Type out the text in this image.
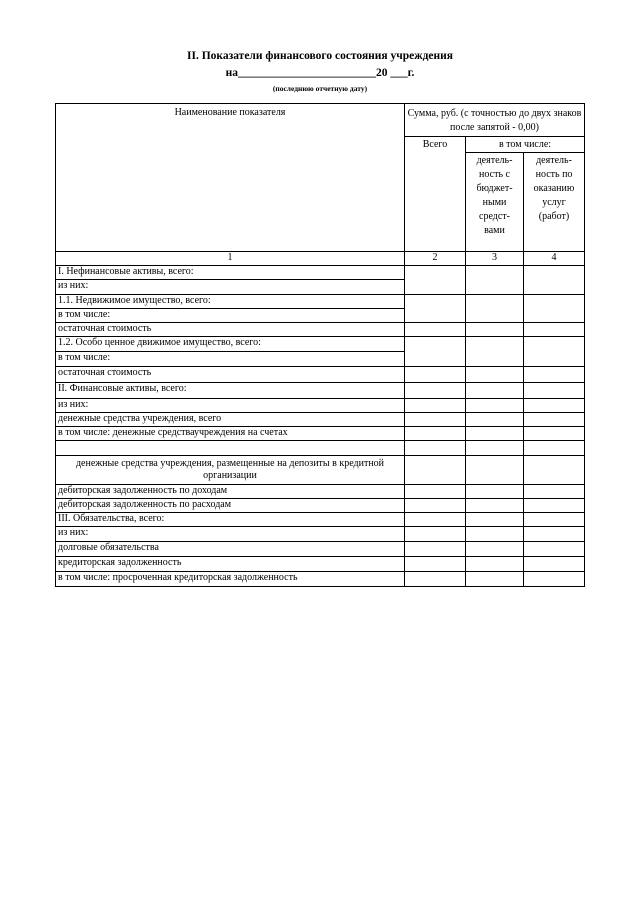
II. Показатели финансового состояния учреждения
на________________________20 ___г.
(последнюю отчетную дату)
Наименование показателя	Сумма, руб. (с точностью до двух знаков после запятой - 0,00)		
	Всего	в том числе:	
		деятель- ность с бюджет- ными средст- вами	деятель- ность по оказанию услуг (работ)
1	2	3	4
I. Нефинансовые активы, всего:			
из них:			
1.1. Недвижимое имущество, всего:			
в том числе:			
остаточная стоимость			
1.2. Особо ценное движимое имущество, всего:			
в том числе:			
остаточная стоимость			
II. Финансовые активы, всего:			
из них:			
денежные средства учреждения, всего			
в том числе: денежные средстваучреждения на счетах			

денежные средства учреждения, размещенные на депозиты в кредитной организации			
дебиторская задолженность по доходам			
дебиторская задолженность по расходам			
III. Обязательства, всего:			
из них:			
долговые обязательства			
кредиторская задолженность			
в том числе: просроченная кредиторская задолженность			
